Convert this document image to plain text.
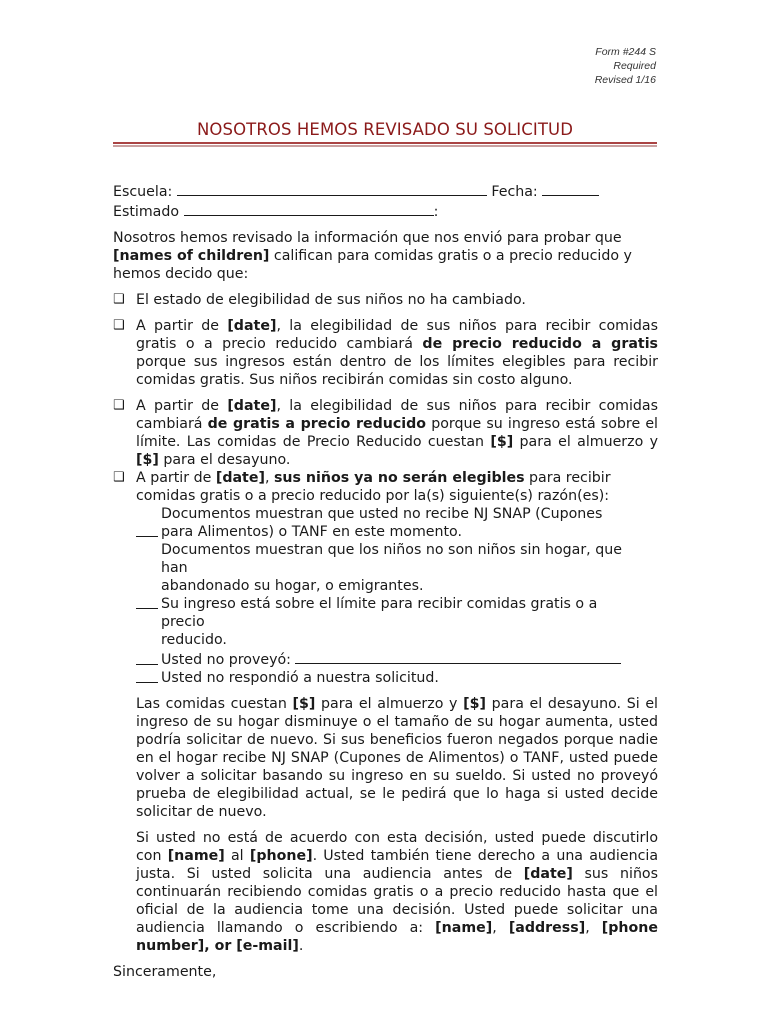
Form #244 S
Required
Revised 1/16
NOSOTROS HEMOS REVISADO SU SOLICITUD
Escuela:	Fecha:
Estimado	:

Nosotros hemos revisado la información que nos envió para probar que [names of children] califican para comidas gratis o a precio reducido y hemos decido que:

❑ El estado de elegibilidad de sus niños no ha cambiado.
❑ A partir de [date], la elegibilidad de sus niños para recibir comidas gratis o a precio reducido cambiará de precio reducido a gratis porque sus ingresos están dentro de los límites elegibles para recibir comidas gratis. Sus niños recibirán comidas sin costo alguno.
❑ A partir de [date], la elegibilidad de sus niños para recibir comidas cambiará de gratis a precio reducido porque su ingreso está sobre el límite. Las comidas de Precio Reducido cuestan [$] para el almuerzo y [$] para el desayuno.
❑ A partir de [date], sus niños ya no serán elegibles para recibir comidas gratis o a precio reducido por la(s) siguiente(s) razón(es):
Documentos muestran que usted no recibe NJ SNAP (Cupones
para Alimentos) o TANF en este momento.
Documentos muestran que los niños no son niños sin hogar, que
han
abandonado su hogar, o emigrantes.
Su ingreso está sobre el límite para recibir comidas gratis o a
precio
reducido.
Usted no proveyó:
Usted no respondió a nuestra solicitud.

Las comidas cuestan [$] para el almuerzo y [$] para el desayuno. Si el ingreso de su hogar disminuye o el tamaño de su hogar aumenta, usted podría solicitar de nuevo. Si sus beneficios fueron negados porque nadie en el hogar recibe NJ SNAP (Cupones de Alimentos) o TANF, usted puede volver a solicitar basando su ingreso en su sueldo. Si usted no proveyó prueba de elegibilidad actual, se le pedirá que lo haga si usted decide solicitar de nuevo.

Si usted no está de acuerdo con esta decisión, usted puede discutirlo con [name] al [phone]. Usted también tiene derecho a una audiencia justa. Si usted solicita una audiencia antes de [date] sus niños continuarán recibiendo comidas gratis o a precio reducido hasta que el oficial de la audiencia tome una decisión. Usted puede solicitar una audiencia llamando o escribiendo a: [name], [address], [phone number], or [e-mail].

Sinceramente,
